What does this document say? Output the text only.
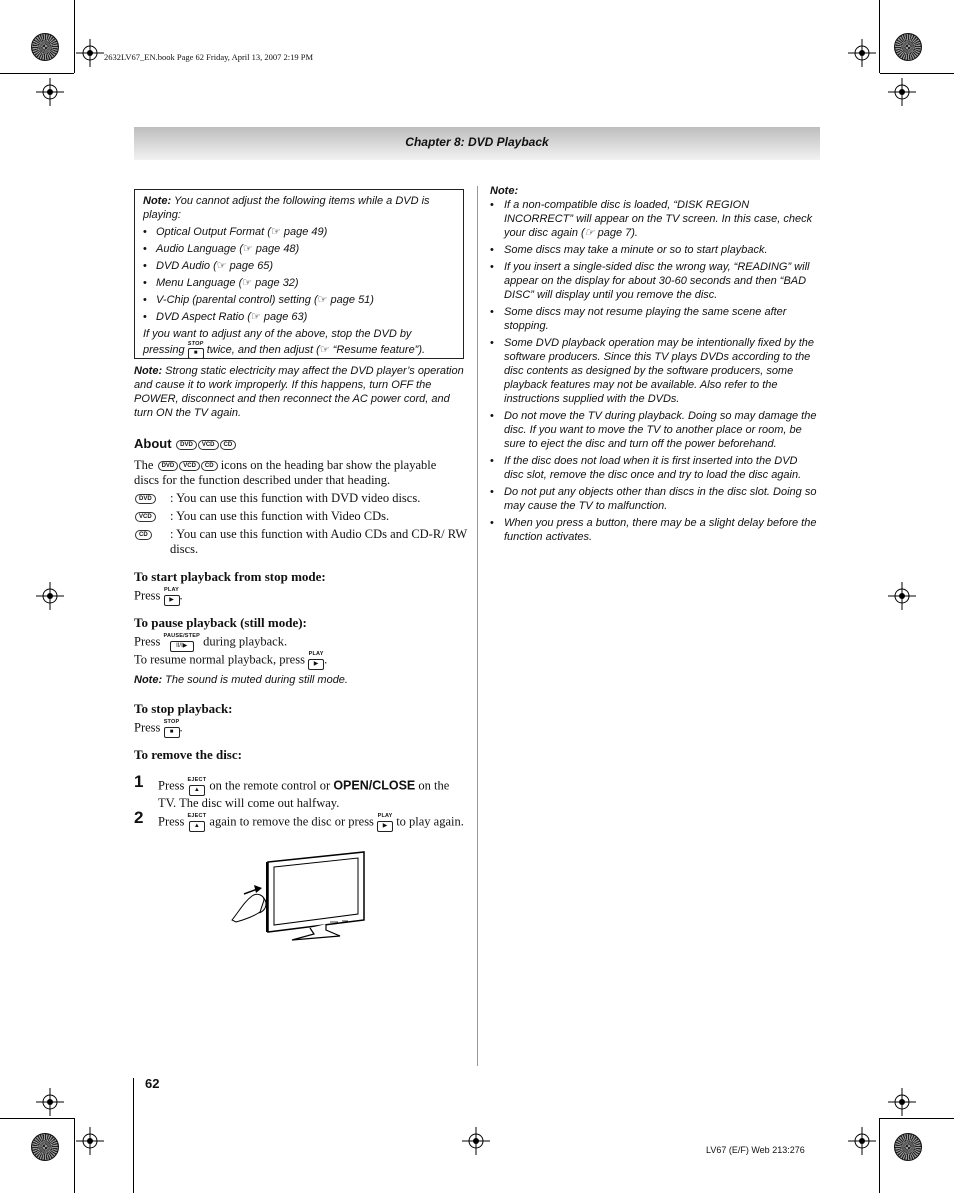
2632LV67_EN.book Page 62 Friday, April 13, 2007 2:19 PM
Chapter 8: DVD Playback
Note: You cannot adjust the following items while a DVD is playing:
• Optical Output Format (☞ page 49)
• Audio Language (☞ page 48)
• DVD Audio (☞ page 65)
• Menu Language (☞ page 32)
• V-Chip (parental control) setting (☞ page 51)
• DVD Aspect Ratio (☞ page 63)
If you want to adjust any of the above, stop the DVD by pressing STOP
■ twice, and then adjust (☞ “Resume feature”).
Note: Strong static electricity may affect the DVD player’s operation and cause it to work improperly. If this happens, turn OFF the POWER, disconnect and then reconnect the AC power cord, and turn ON the TV again.
About DVD VCD CD
The DVD VCD CD icons on the heading bar show the playable discs for the function described under that heading.
DVD : You can use this function with DVD video discs.
VCD : You can use this function with Video CDs.
CD : You can use this function with Audio CDs and CD-R/ RW discs.
To start playback from stop mode:
Press PLAY
▶ .
To pause playback (still mode):
Press PAUSE/STEP
II/I▶ during playback.
To resume normal playback, press PLAY
▶ .
Note: The sound is muted during still mode.
To stop playback:
Press STOP
■ .
To remove the disc:
1 Press EJECT
▲ on the remote control or OPEN/CLOSE on the TV. The disc will come out halfway.
2 Press EJECT
▲ again to remove the disc or press PLAY
▶ to play again.
Note:
• If a non-compatible disc is loaded, “DISK REGION INCORRECT” will appear on the TV screen. In this case, check your disc again (☞ page 7).
• Some discs may take a minute or so to start playback.
• If you insert a single-sided disc the wrong way, “READING” will appear on the display for about 30-60 seconds and then “BAD DISC” will display until you remove the disc.
• Some discs may not resume playing the same scene after stopping.
• Some DVD playback operation may be intentionally fixed by the software producers. Since this TV plays DVDs according to the disc contents as designed by the software producers, some playback features may not be available. Also refer to the instructions supplied with the DVDs.
• Do not move the TV during playback. Doing so may damage the disc. If you want to move the TV to another place or room, be sure to eject the disc and turn off the power beforehand.
• If the disc does not load when it is first inserted into the DVD disc slot, remove the disc once and try to load the disc again.
• Do not put any objects other than discs in the disc slot. Doing so may cause the TV to malfunction.
• When you press a button, there may be a slight delay before the function activates.
62
LV67 (E/F) Web 213:276
